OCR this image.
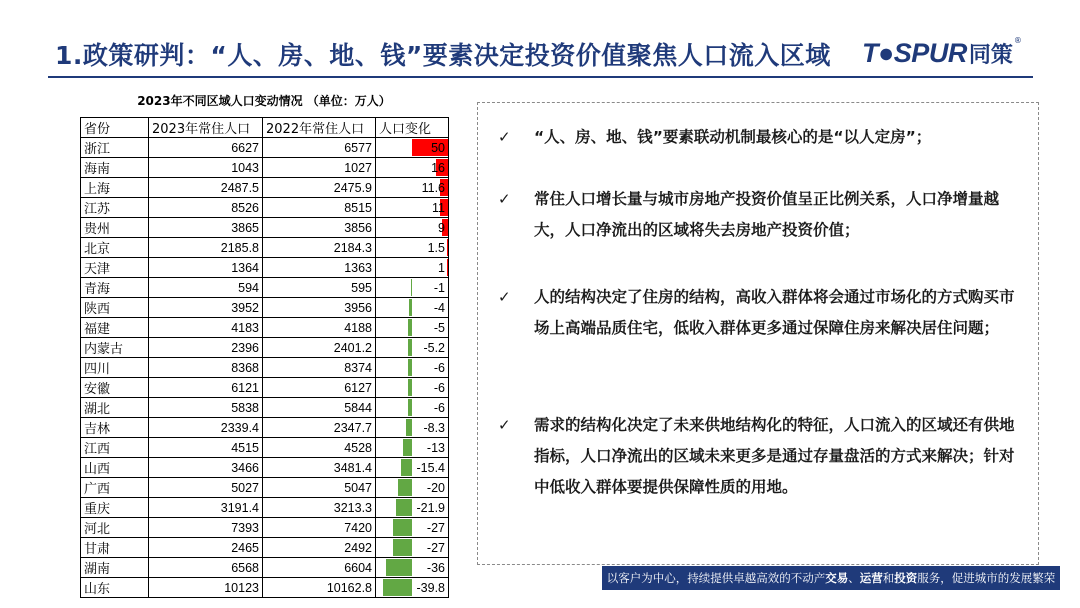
1.政策研判：“人、房、地、钱”要素决定投资价值聚焦人口流入区域 T●SPUR 同策
®
2023年不同区域人口变动情况 （单位：万人）
省份	2023年常住人口	2022年常住人口	人口变化
浙江	6627	6577	50

海南	1043	1027	16

上海	2487.5	2475.9	11.6

江苏	8526	8515	11

贵州	3865	3856	9

北京	2185.8	2184.3	1.5

天津	1364	1363	1

青海	594	595	-1

陕西	3952	3956	-4

福建	4183	4188	-5

内蒙古	2396	2401.2	-5.2

四川	8368	8374	-6

安徽	6121	6127	-6

湖北	5838	5844	-6

吉林	2339.4	2347.7	-8.3

江西	4515	4528	-13

山西	3466	3481.4	-15.4

广西	5027	5047	-20

重庆	3191.4	3213.3	-21.9

河北	7393	7420	-27

甘肃	2465	2492	-27

湖南	6568	6604	-36

山东	10123	10162.8	-39.8
✓	“人、房、地、钱”要素联动机制最核心的是“以人定房”；
✓	常住人口增长量与城市房地产投资价值呈正比例关系，人口净增量越大，人口净流出的区域将失去房地产投资价值；
✓	人的结构决定了住房的结构，高收入群体将会通过市场化的方式购买市场上高端品质住宅，低收入群体更多通过保障住房来解决居住问题；
✓	需求的结构化决定了未来供地结构化的特征，人口流入的区域还有供地指标，人口净流出的区域未来更多是通过存量盘活的方式来解决；针对中低收入群体要提供保障性质的用地。
以客户为中心，持续提供卓越高效的不动产 交易 、 运营 和 投资 服务，促进城市的发展繁荣
